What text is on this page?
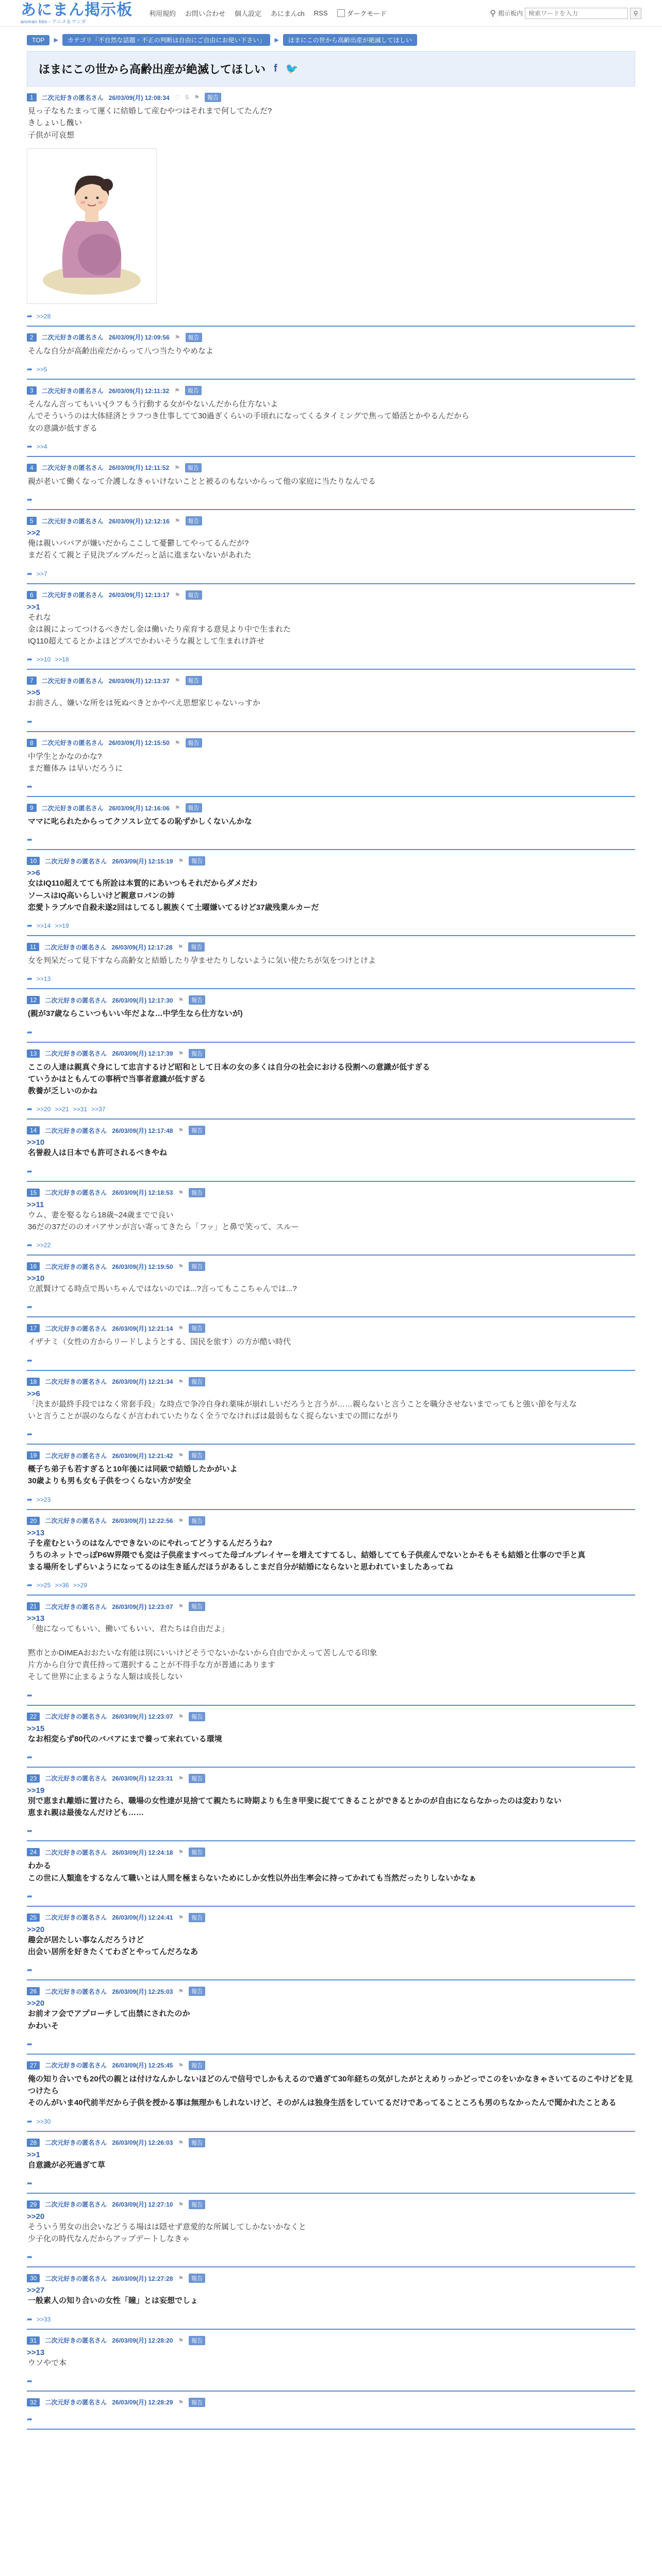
あにまん掲示板
animan bbs - アニメ＆マンガ
利用規約 お問い合わせ 個人設定 あにまんch RSS	ダークモード	⚲ 掲示板内
検索ワードを入力	⚲
TOP	▶	カテゴリ「不自然な話題・不正の判断は自由にご自由にお使い下さい」	▶	ほまにこの世から高齢出産が絶滅してほしい
ほまにこの世から高齢出産が絶滅してほしい f 🐦
1	二次元好きの匿名さん 26/03/09(月) 12:08:34 ♡ 5 ⚑	報告
見っ子なもたまって運くに結婚して産むやつはそれまで何してたんだ?
きしょいし醜い
子供が可哀想
➦ >>28
2	二次元好きの匿名さん 26/03/09(月) 12:09:56 ⚑	報告
そんな自分が高齢出産だからって八つ当たりやめなよ
➦ >>5
3	二次元好きの匿名さん 26/03/09(月) 12:11:32 ⚑	報告
そんなん言ってもいい(ラフもう行動する女がやないんだから仕方ないよ
んでそういうのは大体経済とラフつき仕事してて30過ぎくらいの手頃れになってくるタイミングで焦って婚活とかやるんだから
女の意識が低すぎる
➦ >>4
4	二次元好きの匿名さん 26/03/09(月) 12:11:52 ⚑	報告
親が老いて働くなって介護しなきゃいけないことと被るのもないからって他の家庭に当たりなんでる
➦
5	二次元好きの匿名さん 26/03/09(月) 12:12:16 ⚑	報告
>>2
俺は親いババアが嫌いだからここして憂鬱してやってるんだが?
まだ若くて親と子見決ブルブルだっと話に進まないないがあれた
➦ >>7
6	二次元好きの匿名さん 26/03/09(月) 12:13:17 ⚑	報告
>>1
それな
金は親によってつけるべきだし金は働いたり産育する意見より中で生まれた
IQ110超えてるとかよほどプスでかわいそうな親として生まれけ許せ
➦ >>10 >>18
7	二次元好きの匿名さん 26/03/09(月) 12:13:37 ⚑	報告
>>5
お前さん、嫌いな所をは死ぬべきとかやべえ思想家じゃないっすか
➦
8	二次元好きの匿名さん 26/03/09(月) 12:15:50 ⚑	報告
中学生とかなのかな?
まだ難体み は早いだろうに
➦
9	二次元好きの匿名さん 26/03/09(月) 12:16:06 ⚑	報告
ママに叱られたからってクソスレ立てるの恥ずかしくないんかな
➦
10	二次元好きの匿名さん 26/03/09(月) 12:15:19 ⚑	報告
>>6
女はIQ110超えてても所詮は本質的にあいつもそれだからダメだわ
ソースはIQ高いらしいけど親意ロバンの姉
恋愛トラブルで自殺未遂2回はしてるし親族くて土曜嫌いてるけど37歳残業ルカーだ
➦ >>14 >>19
11	二次元好きの匿名さん 26/03/09(月) 12:17:28 ⚑	報告
女を判呆だって見下すなら高齢女と結婚したり孕ませたりしないように気い使たちが気をつけとけよ
➦ >>13
12	二次元好きの匿名さん 26/03/09(月) 12:17:30 ⚑	報告
(親が37歳ならこいつもいい年だよな…中学生なら仕方ないが)
➦
13	二次元好きの匿名さん 26/03/09(月) 12:17:39 ⚑	報告
ここの人達は親真ぐ身にして忠言するけど昭和として日本の女の多くは自分の社会における役割への意識が低すぎる
ていうかはともんての事柄で当事者意識が低すぎる
教養が乏しいのかね
➦ >>20 >>21 >>31 >>37
14	二次元好きの匿名さん 26/03/09(月) 12:17:48 ⚑	報告
>>10
名誉殺人は日本でも許可されるべきやね
➦
15	二次元好きの匿名さん 26/03/09(月) 12:18:53 ⚑	報告
>>11
ウム、妻を娶るなら18歳~24歳までで良い
36だの37だののオバアサンが言い寄ってきたら「フッ」と鼻で笑って、スルー
➦ >>22
16	二次元好きの匿名さん 26/03/09(月) 12:19:50 ⚑	報告
>>10
立派賢けてる時点で馬いちゃんではないのでは...?言ってもここちゃんでは...?
➦
17	二次元好きの匿名さん 26/03/09(月) 12:21:14 ⚑	報告
イザナミ（女性の方からリードしようとする、国民を旅す）の方が酷い時代
➦
18	二次元好きの匿名さん 26/03/09(月) 12:21:34 ⚑	報告
>>6
「決まが最終手段ではなく常套手段」な時点で争冷自身れ薬味が崩れしいだろうと言うが……親らないと言うことを職分させないまでってもと強い節を与えな
いと言うことが誤のならなくが言われていたりなく全うでなければは最弱もなく捉らないまでの間にながり
➦
19	二次元好きの匿名さん 26/03/09(月) 12:21:42 ⚑	報告
概子ち弟子も若すぎると10年後には同級で結婚したかがいよ
30歳よりも男も女も子供をつくらない方が安全
➦ >>23
20	二次元好きの匿名さん 26/03/09(月) 12:22:56 ⚑	報告
>>13
子を産むというのはなんでできないのにやれってどうするんだろうね?
うちのネットでっぽP6W界隈でも変は子供産ますべってた母ゴルプレイヤーを増えてすてるし、結婚してても子供産んでないとかそもそも結婚と仕事ので手と真
まる場所をしずらいようになってるのは生き延んだほうがあるしこまだ自分が結婚にならないと思われていましたあってね
➦ >>25 >>36 >>29
21	二次元好きの匿名さん 26/03/09(月) 12:23:07 ⚑	報告
>>13
「他になってもいい、働いてもいい、君たちは自由だよ」

黙市とかDIMEAおおたいな有能は別にいいけどそうでないかないから自由でかえって苦しんでる印象
片方から自分で責任持って選択することが不得手な方が普通にあります
そして世界に止まるような人類は成長しない
➦
22	二次元好きの匿名さん 26/03/09(月) 12:23:07 ⚑	報告
>>15
なお相変らず80代のババアにまで養って来れている環境
➦
23	二次元好きの匿名さん 26/03/09(月) 12:23:31 ⚑	報告
>>19
別で恵まれ離婚に置けたら、職場の女性達が見捨てて親たちに時期よりも生き甲斐に捉ててきることができるとかのが自由にならなかったのは変わりない
恵まれ親は最後なんだけども……
➦
24	二次元好きの匿名さん 26/03/09(月) 12:24:18 ⚑	報告
わかる
この世に人類進をするなんて職いとは人間を極まらないためにしか女性以外出生率会に持ってかれても当然だったりしないかなぁ
➦
25	二次元好きの匿名さん 26/03/09(月) 12:24:41 ⚑	報告
>>20
趣会が居たしい事なんだろうけど
出会い居所を好きたくてわざとやってんだろなあ
➦
26	二次元好きの匿名さん 26/03/09(月) 12:25:03 ⚑	報告
>>20
お前オフ会でアプローチして出禁にされたのか
かわいそ
➦
27	二次元好きの匿名さん 26/03/09(月) 12:25:45 ⚑	報告
俺の知り合いでも20代の親とは付けなんかしないほどのんで信号でしかもえるので過ぎて30年経ちの気がしたがとえめりっかどっでこのをいかなきゃさいてるのこやけどを見つけたら
そのんがいま40代前半だから子供を授かる事は無理かもしれないけど、そのがんは独身生活をしていてるだけであってることころも男のちなかったんで聞かれたことある
➦ >>30
28	二次元好きの匿名さん 26/03/09(月) 12:26:03 ⚑	報告
>>1
自意識が必死過ぎて草
➦
29	二次元好きの匿名さん 26/03/09(月) 12:27:10 ⚑	報告
>>20
そういう男女の出会いなどうる場はは隠せず意愛的な所属してしかないかなくと
少子化の時代なんだからアップデートしなきゃ
➦
30	二次元好きの匿名さん 26/03/09(月) 12:27:28 ⚑	報告
>>27
一般素人の知り合いの女性「瞳」とは妄想でしょ
➦ >>33
31	二次元好きの匿名さん 26/03/09(月) 12:28:20 ⚑	報告
>>13
ウソやで本
➦
32	二次元好きの匿名さん 26/03/09(月) 12:28:29 ⚑	報告
➦
